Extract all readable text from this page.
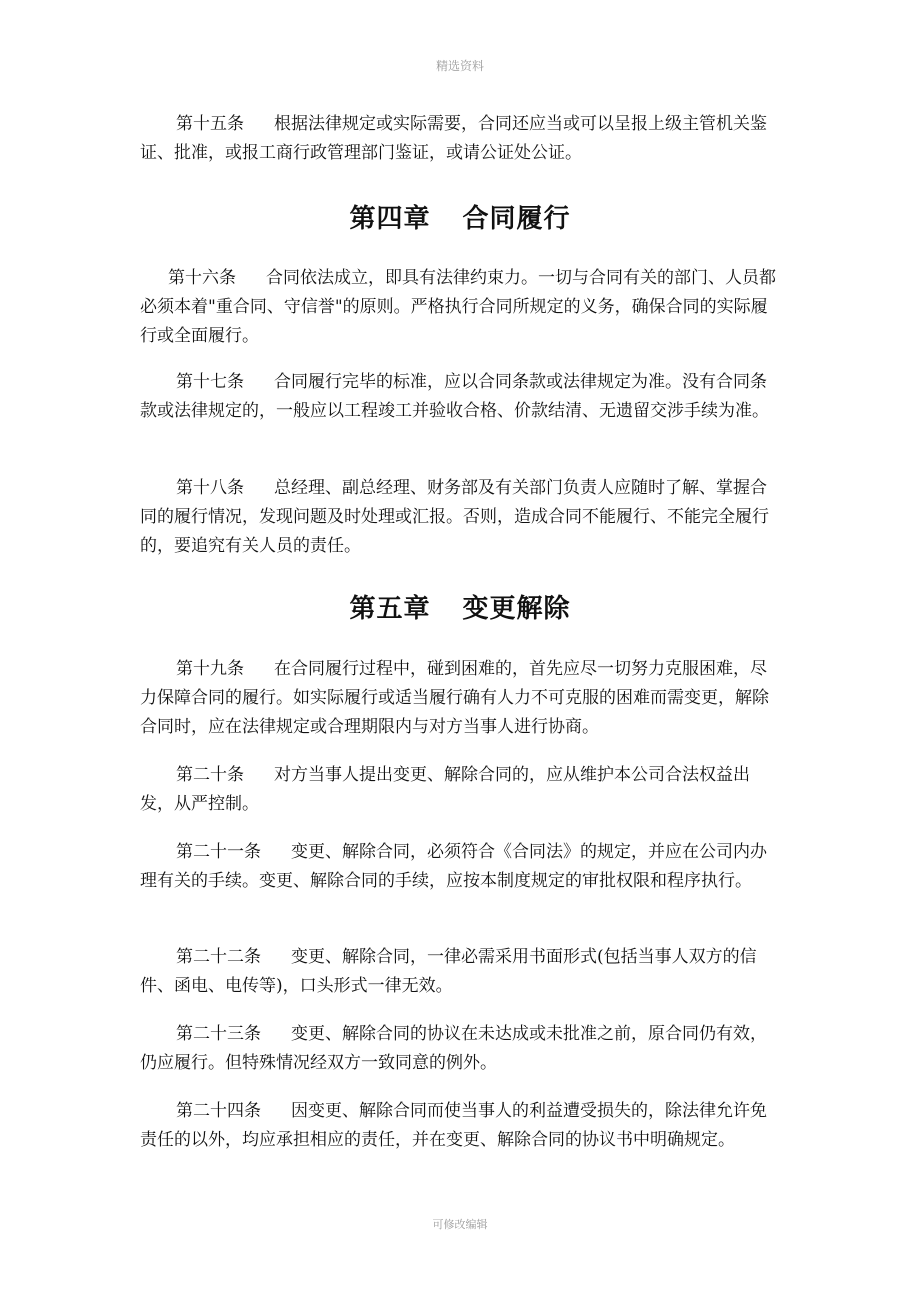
精选资料

第十五条 根据法律规定或实际需要，合同还应当或可以呈报上级主管机关鉴证、批准，或报工商行政管理部门鉴证，或请公证处公证。

第四章 合同履行

第十六条 合同依法成立，即具有法律约束力。一切与合同有关的部门、人员都必须本着"重合同、守信誉"的原则。严格执行合同所规定的义务，确保合同的实际履行或全面履行。

第十七条 合同履行完毕的标准，应以合同条款或法律规定为准。没有合同条款或法律规定的，一般应以工程竣工并验收合格、价款结清、无遗留交涉手续为准。

第十八条 总经理、副总经理、财务部及有关部门负责人应随时了解、掌握合同的履行情况，发现问题及时处理或汇报。否则，造成合同不能履行、不能完全履行的，要追究有关人员的责任。

第五章 变更解除

第十九条 在合同履行过程中，碰到困难的，首先应尽一切努力克服困难，尽力保障合同的履行。如实际履行或适当履行确有人力不可克服的困难而需变更，解除合同时，应在法律规定或合理期限内与对方当事人进行协商。

第二十条 对方当事人提出变更、解除合同的，应从维护本公司合法权益出发，从严控制。

第二十一条 变更、解除合同，必须符合《合同法》的规定，并应在公司内办理有关的手续。变更、解除合同的手续，应按本制度规定的审批权限和程序执行。

第二十二条 变更、解除合同，一律必需采用书面形式(包括当事人双方的信件、函电、电传等)，口头形式一律无效。

第二十三条 变更、解除合同的协议在未达成或未批准之前，原合同仍有效，仍应履行。但特殊情况经双方一致同意的例外。

第二十四条 因变更、解除合同而使当事人的利益遭受损失的，除法律允许免责任的以外，均应承担相应的责任，并在变更、解除合同的协议书中明确规定。

可修改编辑
